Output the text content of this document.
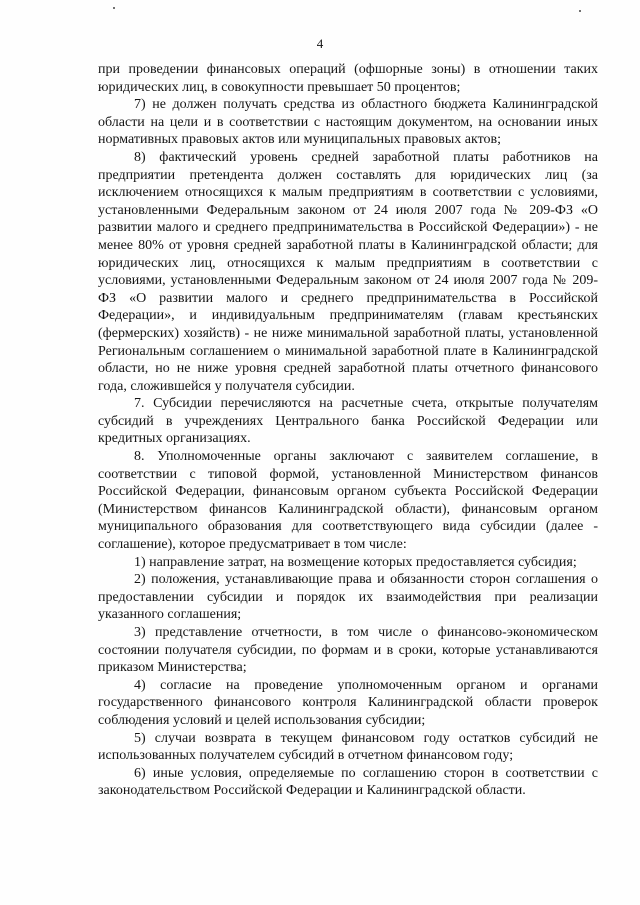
4

при проведении финансовых операций (офшорные зоны) в отношении таких юридических лиц, в совокупности превышает 50 процентов;

7) не должен получать средства из областного бюджета Калининградской области на цели и в соответствии с настоящим документом, на основании иных нормативных правовых актов или муниципальных правовых актов;

8) фактический уровень средней заработной платы работников на предприятии претендента должен составлять для юридических лиц (за исключением относящихся к малым предприятиям в соответствии с условиями, установленными Федеральным законом от 24 июля 2007 года № 209-ФЗ «О развитии малого и среднего предпринимательства в Российской Федерации») - не менее 80% от уровня средней заработной платы в Калининградской области; для юридических лиц, относящихся к малым предприятиям в соответствии с условиями, установленными Федеральным законом от 24 июля 2007 года № 209-ФЗ «О развитии малого и среднего предпринимательства в Российской Федерации», и индивидуальным предпринимателям (главам крестьянских (фермерских) хозяйств) - не ниже минимальной заработной платы, установленной Региональным соглашением о минимальной заработной плате в Калининградской области, но не ниже уровня средней заработной платы отчетного финансового года, сложившейся у получателя субсидии.

7. Субсидии перечисляются на расчетные счета, открытые получателям субсидий в учреждениях Центрального банка Российской Федерации или кредитных организациях.

8. Уполномоченные органы заключают с заявителем соглашение, в соответствии с типовой формой, установленной Министерством финансов Российской Федерации, финансовым органом субъекта Российской Федерации (Министерством финансов Калининградской области), финансовым органом муниципального образования для соответствующего вида субсидии (далее - соглашение), которое предусматривает в том числе:

1) направление затрат, на возмещение которых предоставляется субсидия;

2) положения, устанавливающие права и обязанности сторон соглашения о предоставлении субсидии и порядок их взаимодействия при реализации указанного соглашения;

3) представление отчетности, в том числе о финансово-экономическом состоянии получателя субсидии, по формам и в сроки, которые устанавливаются приказом Министерства;

4) согласие на проведение уполномоченным органом и органами государственного финансового контроля Калининградской области проверок соблюдения условий и целей использования субсидии;

5) случаи возврата в текущем финансовом году остатков субсидий не использованных получателем субсидий в отчетном финансовом году;

6) иные условия, определяемые по соглашению сторон в соответствии с законодательством Российской Федерации и Калининградской области.
